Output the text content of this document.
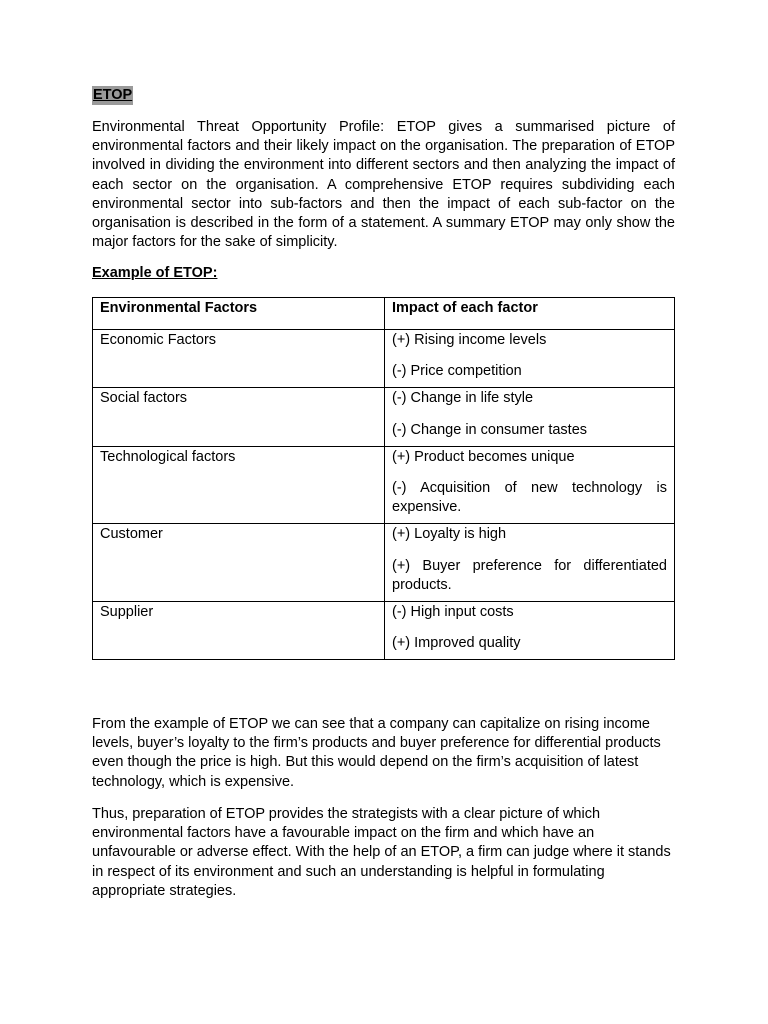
ETOP

Environmental Threat Opportunity Profile: ETOP gives a summarised picture of environmental factors and their likely impact on the organisation. The preparation of ETOP involved in dividing the environment into different sectors and then analyzing the impact of each sector on the organisation. A comprehensive ETOP requires subdividing each environmental sector into sub-factors and then the impact of each sub-factor on the organisation is described in the form of a statement. A summary ETOP may only show the major factors for the sake of simplicity.

Example of ETOP:
Environmental Factors	Impact of each factor
Economic Factors	(+) Rising income levels

(-) Price competition

Social factors	(-) Change in life style

(-) Change in consumer tastes

Technological factors	(+) Product becomes unique

(-) Acquisition of new technology is expensive.

Customer	(+) Loyalty is high

(+) Buyer preference for differentiated products.

Supplier	(-) High input costs

(+) Improved quality

From the example of ETOP we can see that a company can capitalize on rising income levels, buyer’s loyalty to the firm’s products and buyer preference for differential products even though the price is high. But this would depend on the firm’s acquisition of latest technology, which is expensive.

Thus, preparation of ETOP provides the strategists with a clear picture of which environmental factors have a favourable impact on the firm and which have an unfavourable or adverse effect. With the help of an ETOP, a firm can judge where it stands in respect of its environment and such an understanding is helpful in formulating appropriate strategies.
